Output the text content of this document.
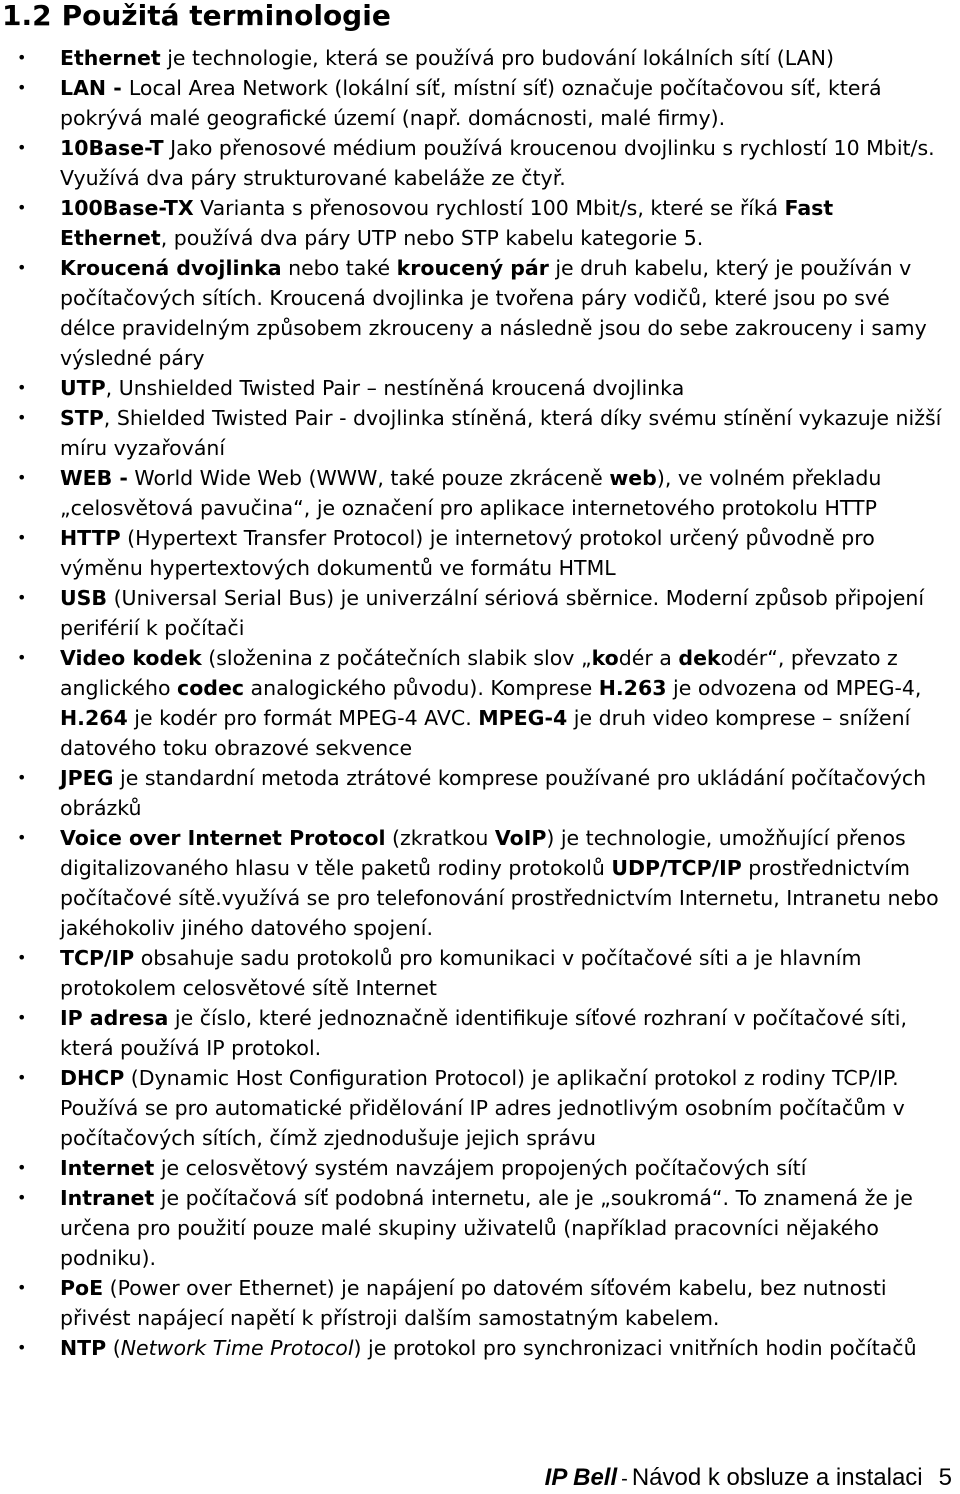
1.2 Použitá terminologie
• Ethernet je technologie, která se používá pro budování lokálních sítí (LAN)
• LAN - Local Area Network (lokální síť, místní síť) označuje počítačovou síť, která pokrývá malé geografické území (např. domácnosti, malé firmy).
• 10Base-T Jako přenosové médium používá kroucenou dvojlinku s rychlostí 10 Mbit/s. Využívá dva páry strukturované kabeláže ze čtyř.
• 100Base-TX Varianta s přenosovou rychlostí 100 Mbit/s, které se říká Fast Ethernet, používá dva páry UTP nebo STP kabelu kategorie 5.
• Kroucená dvojlinka nebo také kroucený pár je druh kabelu, který je používán v počítačových sítích. Kroucená dvojlinka je tvořena páry vodičů, které jsou po své délce pravidelným způsobem zkrouceny a následně jsou do sebe zakrouceny i samy výsledné páry
• UTP, Unshielded Twisted Pair – nestíněná kroucená dvojlinka
• STP, Shielded Twisted Pair - dvojlinka stíněná, která díky svému stínění vykazuje nižší míru vyzařování
• WEB - World Wide Web (WWW, také pouze zkráceně web), ve volném překladu „celosvětová pavučina“, je označení pro aplikace internetového protokolu HTTP
• HTTP (Hypertext Transfer Protocol) je internetový protokol určený původně pro výměnu hypertextových dokumentů ve formátu HTML
• USB (Universal Serial Bus) je univerzální sériová sběrnice. Moderní způsob připojení periférií k počítači
• Video kodek (složenina z počátečních slabik slov „kodér a dekodér“, převzato z anglického codec analogického původu). Komprese H.263 je odvozena od MPEG-4, H.264 je kodér pro formát MPEG-4 AVC. MPEG-4 je druh video komprese – snížení datového toku obrazové sekvence
• JPEG je standardní metoda ztrátové komprese používané pro ukládání počítačových obrázků
• Voice over Internet Protocol (zkratkou VoIP) je technologie, umožňující přenos digitalizovaného hlasu v těle paketů rodiny protokolů UDP/TCP/IP prostřednictvím počítačové sítě.využívá se pro telefonování prostřednictvím Internetu, Intranetu nebo jakéhokoliv jiného datového spojení.
• TCP/IP obsahuje sadu protokolů pro komunikaci v počítačové síti a je hlavním protokolem celosvětové sítě Internet
• IP adresa je číslo, které jednoznačně identifikuje síťové rozhraní v počítačové síti, která používá IP protokol.
• DHCP (Dynamic Host Configuration Protocol) je aplikační protokol z rodiny TCP/IP. Používá se pro automatické přidělování IP adres jednotlivým osobním počítačům v počítačových sítích, čímž zjednodušuje jejich správu
• Internet je celosvětový systém navzájem propojených počítačových sítí
• Intranet je počítačová síť podobná internetu, ale je „soukromá“. To znamená že je určena pro použití pouze malé skupiny uživatelů (například pracovníci nějakého podniku).
• PoE (Power over Ethernet) je napájení po datovém síťovém kabelu, bez nutnosti přivést napájecí napětí k přístroji dalším samostatným kabelem.
• NTP (Network Time Protocol) je protokol pro synchronizaci vnitřních hodin počítačů
IP Bell - Návod k obsluze a instalaci 5
